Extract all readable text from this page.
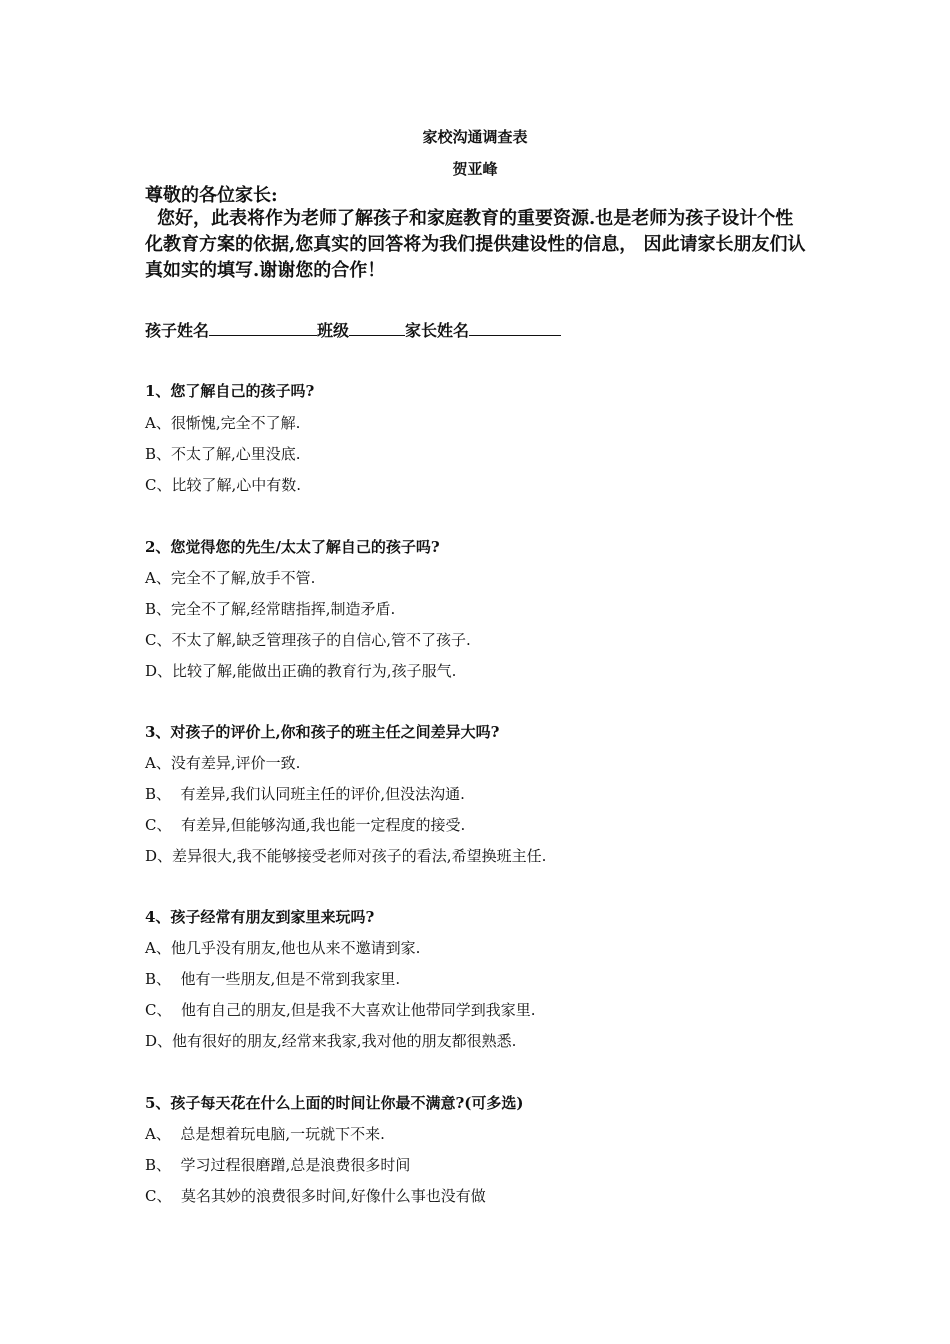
家校沟通调查表
贺亚峰
尊敬的各位家长:
您好，此表将作为老师了解孩子和家庭教育的重要资源.也是老师为孩子设计个性化教育方案的依据,您真实的回答将为我们提供建设性的信息， 因此请家长朋友们认真如实的填写.谢谢您的合作！
孩子姓名	班级	家长姓名
1、您了解自己的孩子吗?
A、很惭愧,完全不了解.
B、不太了解,心里没底.
C、比较了解,心中有数.
2、您觉得您的先生/太太了解自己的孩子吗?
A、完全不了解,放手不管.
B、完全不了解,经常瞎指挥,制造矛盾.
C、不太了解,缺乏管理孩子的自信心,管不了孩子.
D、比较了解,能做出正确的教育行为,孩子服气.
3、对孩子的评价上,你和孩子的班主任之间差异大吗?
A、没有差异,评价一致.
B、  有差异,我们认同班主任的评价,但没法沟通.
C、  有差异,但能够沟通,我也能一定程度的接受.
D、差异很大,我不能够接受老师对孩子的看法,希望换班主任.
4、孩子经常有朋友到家里来玩吗?
A、他几乎没有朋友,他也从来不邀请到家.
B、  他有一些朋友,但是不常到我家里.
C、  他有自己的朋友,但是我不大喜欢让他带同学到我家里.
D、他有很好的朋友,经常来我家,我对他的朋友都很熟悉.
5、孩子每天花在什么上面的时间让你最不满意?(可多选)
A、  总是想着玩电脑,一玩就下不来.
B、  学习过程很磨蹭,总是浪费很多时间
C、  莫名其妙的浪费很多时间,好像什么事也没有做
